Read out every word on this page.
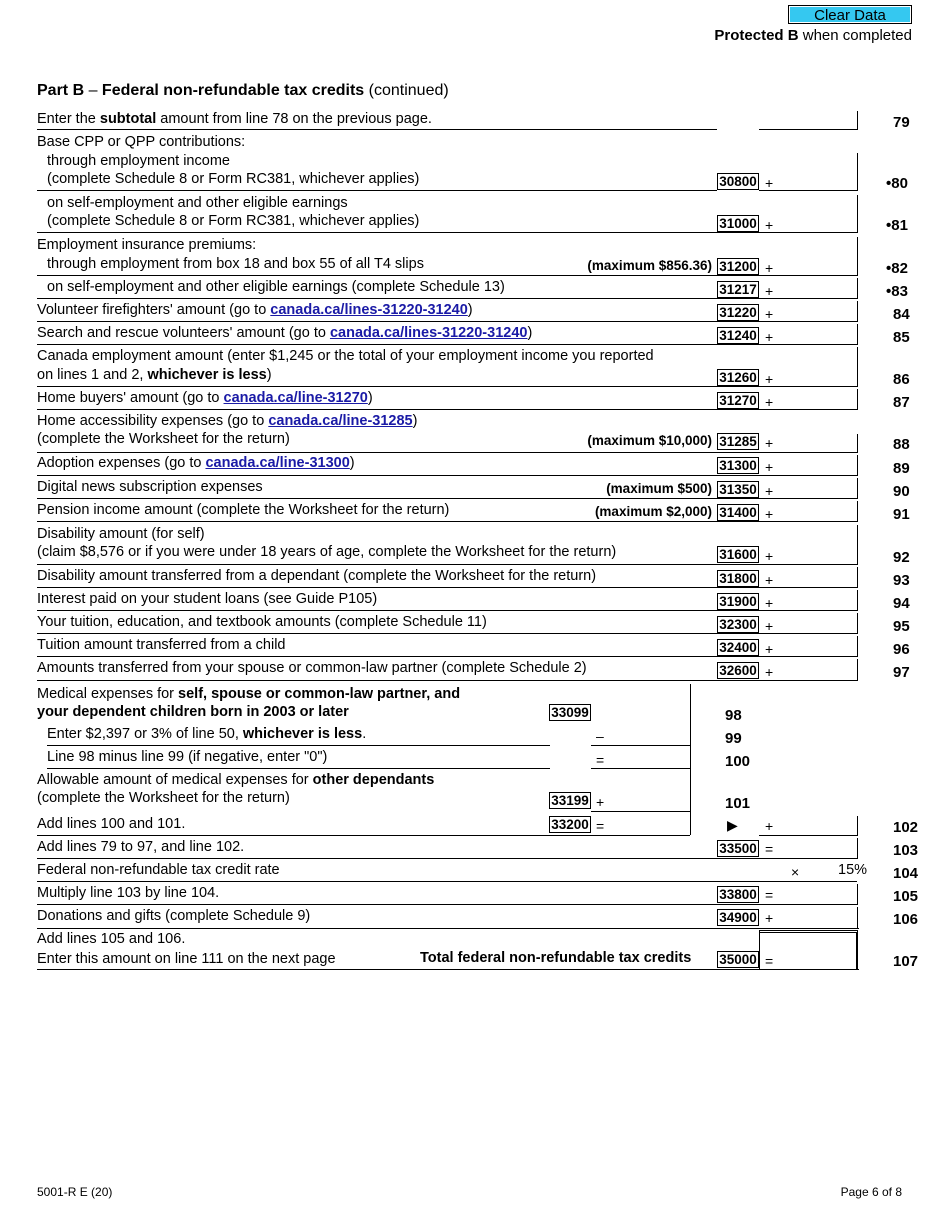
Clear Data
Protected B when completed
Part B – Federal non-refundable tax credits (continued)
Enter the subtotal amount from line 78 on the previous page.	79
Base CPP or QPP contributions:
through employment income
(complete Schedule 8 or Form RC381, whichever applies)	30800 +	•80
on self-employment and other eligible earnings
(complete Schedule 8 or Form RC381, whichever applies)	31000 +	•81
Employment insurance premiums:
through employment from box 18 and box 55 of all T4 slips	(maximum $856.36) 31200 +	•82
on self-employment and other eligible earnings (complete Schedule 13)	31217 +	•83
Volunteer firefighters' amount (go to canada.ca/lines-31220-31240)	31220 +	84
Search and rescue volunteers' amount (go to canada.ca/lines-31220-31240)	31240 +	85
Canada employment amount (enter $1,245 or the total of your employment income you reported
on lines 1 and 2, whichever is less)	31260 +	86
Home buyers' amount (go to canada.ca/line-31270)	31270 +	87
Home accessibility expenses (go to canada.ca/line-31285)
(complete the Worksheet for the return)	(maximum $10,000) 31285 +	88
Adoption expenses (go to canada.ca/line-31300)	31300 +	89
Digital news subscription expenses	(maximum $500) 31350 +	90
Pension income amount (complete the Worksheet for the return)	(maximum $2,000) 31400 +	91
Disability amount (for self)
(claim $8,576 or if you were under 18 years of age, complete the Worksheet for the return)	31600 +	92
Disability amount transferred from a dependant (complete the Worksheet for the return)	31800 +	93
Interest paid on your student loans (see Guide P105)	31900 +	94
Your tuition, education, and textbook amounts (complete Schedule 11)	32300 +	95
Tuition amount transferred from a child	32400 +	96
Amounts transferred from your spouse or common-law partner (complete Schedule 2)	32600 +	97
Medical expenses for self, spouse or common-law partner, and
your dependent children born in 2003 or later	33099	98
Enter $2,397 or 3% of line 50, whichever is less.	–	99
Line 98 minus line 99 (if negative, enter "0")	=	100
Allowable amount of medical expenses for other dependants
(complete the Worksheet for the return)	33199 +	101
Add lines 100 and 101.	33200 =	▶ +	102
Add lines 79 to 97, and line 102.	33500 =	103
Federal non-refundable tax credit rate	×	15% 104
Multiply line 103 by line 104.	33800 =	105
Donations and gifts (complete Schedule 9)	34900 +	106
Add lines 105 and 106.
Enter this amount on line 111 on the next page	Total federal non-refundable tax credits 35000 =	107
5001-R E (20)	Page 6 of 8
